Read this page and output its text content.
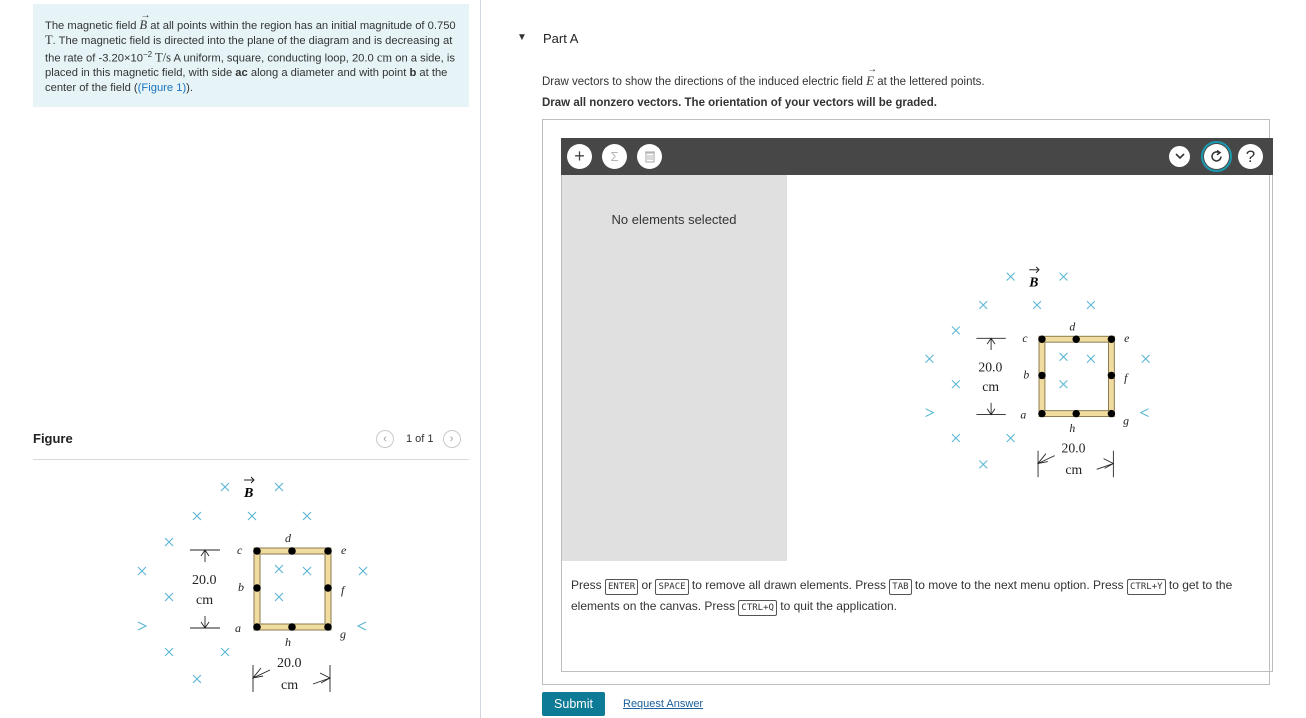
The magnetic field
→
B at all points within the region has an initial magnitude of 0.750 T. The magnetic field is directed into the plane of the diagram and is decreasing at the rate of $-3.20\times 10^{-2}$ T/s A uniform, square, conducting loop, 20.0 cm on a side, is placed in this magnetic field, with side ac along a diameter and with point b at the center of the field ((Figure 1)).
Figure	‹	1 of 1	›
B
c
d
e
b	f
a
h
g
20.0
cm
20.0
cm
▼ Part A
Draw vectors to show the directions of the induced electric field
→
E at the lettered points.
Draw all nonzero vectors. The orientation of your vectors will be graded.
+	Σ	?
No elements selected
B
c
d
e
b	f
a
h
g
20.0
cm
20.0
cm
Press ENTER or SPACE to remove all drawn elements. Press TAB to move to the next menu option. Press CTRL+Y to get to the elements on the canvas. Press CTRL+Q to quit the application.
Submit	Request Answer
